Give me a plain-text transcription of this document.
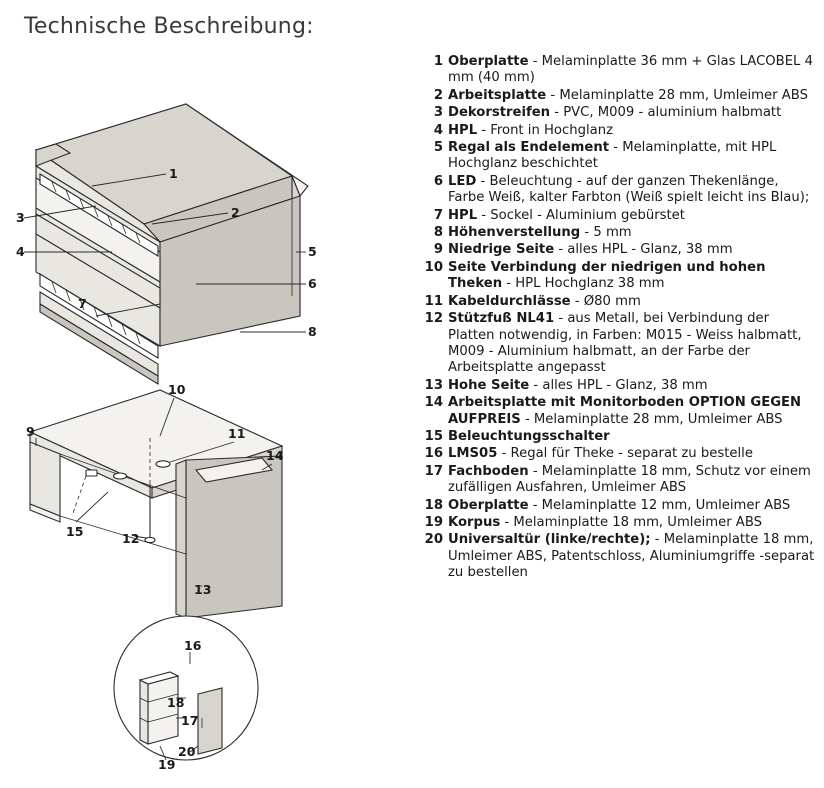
Technische Beschreibung:
1
2
3
4	5
6
7
8
9
10
11
14
15	12
13
16
18
17
19
20
1 Oberplatte - Melaminplatte 36 mm + Glas LACOBEL 4 mm (40 mm)
2 Arbeitsplatte - Melaminplatte 28 mm, Umleimer ABS
3 Dekorstreifen - PVC, M009 - aluminium halbmatt
4 HPL - Front in Hochglanz
5 Regal als Endelement - Melaminplatte, mit HPL Hochglanz beschichtet
6 LED - Beleuchtung - auf der ganzen Thekenlänge, Farbe Weiß, kalter Farbton (Weiß spielt leicht ins Blau);
7 HPL - Sockel - Aluminium gebürstet
8 Höhenverstellung - 5 mm
9 Niedrige Seite - alles HPL - Glanz, 38 mm
10 Seite Verbindung der niedrigen und hohen Theken - HPL Hochglanz 38 mm
11 Kabeldurchlässe - Ø80 mm
12 Stützfuß NL41 - aus Metall, bei Verbindung der Platten notwendig, in Farben: M015 - Weiss halbmatt, M009 - Aluminium halbmatt, an der Farbe der Arbeitsplatte angepasst
13 Hohe Seite - alles HPL - Glanz, 38 mm
14 Arbeitsplatte mit Monitorboden OPTION GEGEN AUFPREIS - Melaminplatte 28 mm, Umleimer ABS
15 Beleuchtungsschalter
16 LMS05 - Regal für Theke - separat zu bestelle
17 Fachboden - Melaminplatte 18 mm, Schutz vor einem zufälligen Ausfahren, Umleimer ABS
18 Oberplatte - Melaminplatte 12 mm, Umleimer ABS
19 Korpus - Melaminplatte 18 mm, Umleimer ABS
20 Universaltür (linke/rechte); - Melaminplatte 18 mm, Umleimer ABS, Patentschloss, Aluminiumgriffe -separat zu bestellen
